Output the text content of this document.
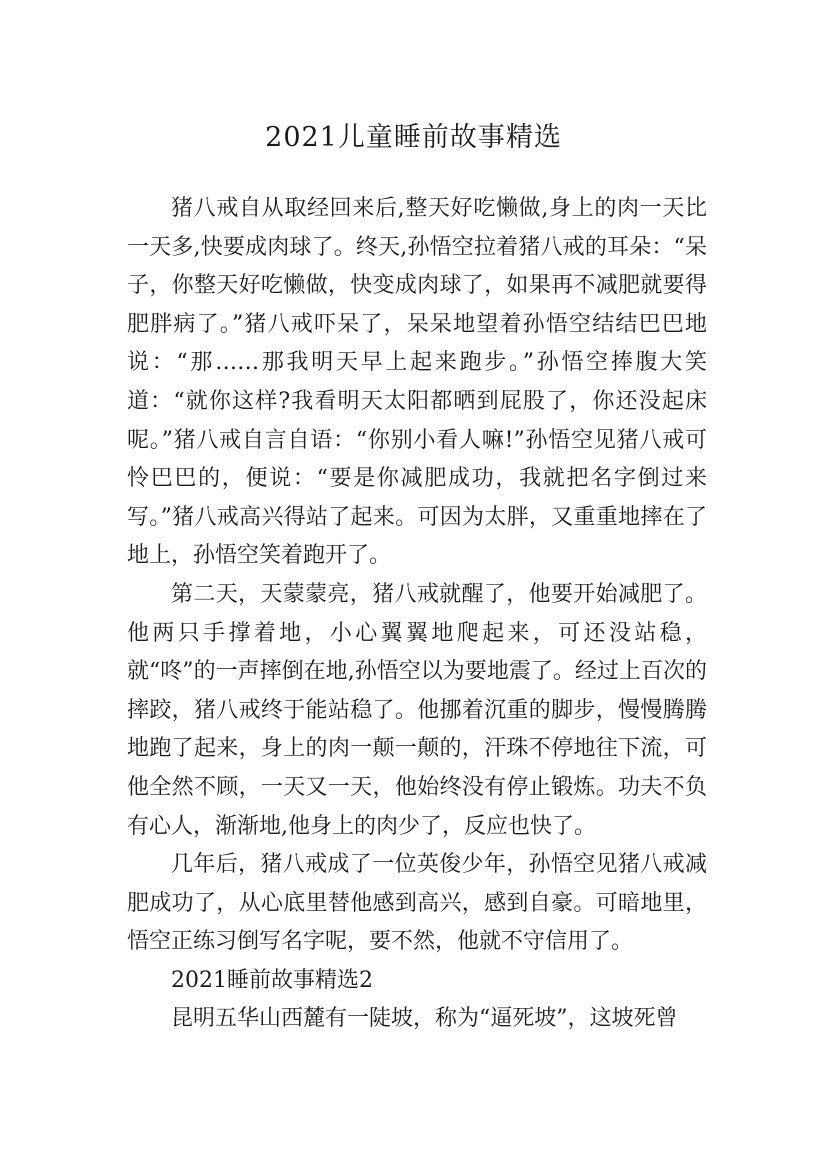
2021儿童睡前故事精选

猪八戒自从取经回来后,整天好吃懒做,身上的肉一天比一天多,快要成肉球了。终天,孙悟空拉着猪八戒的耳朵：“呆子，你整天好吃懒做，快变成肉球了，如果再不减肥就要得肥胖病了。”猪八戒吓呆了，呆呆地望着孙悟空结结巴巴地说：“那……那我明天早上起来跑步。”孙悟空捧腹大笑道：“就你这样?我看明天太阳都晒到屁股了，你还没起床呢。”猪八戒自言自语：“你别小看人嘛!”孙悟空见猪八戒可怜巴巴的，便说：“要是你减肥成功，我就把名字倒过来写。”猪八戒高兴得站了起来。可因为太胖，又重重地摔在了地上，孙悟空笑着跑开了。

第二天，天蒙蒙亮，猪八戒就醒了，他要开始减肥了。他两只手撑着地，小心翼翼地爬起来，可还没站稳，就“咚”的一声摔倒在地,孙悟空以为要地震了。经过上百次的摔跤，猪八戒终于能站稳了。他挪着沉重的脚步，慢慢腾腾地跑了起来，身上的肉一颠一颠的，汗珠不停地往下流，可他全然不顾，一天又一天，他始终没有停止锻炼。功夫不负有心人，渐渐地,他身上的肉少了，反应也快了。

几年后，猪八戒成了一位英俊少年，孙悟空见猪八戒减肥成功了，从心底里替他感到高兴，感到自豪。可暗地里，悟空正练习倒写名字呢，要不然，他就不守信用了。

2021睡前故事精选2

昆明五华山西麓有一陡坡，称为“逼死坡”，这坡死曾
